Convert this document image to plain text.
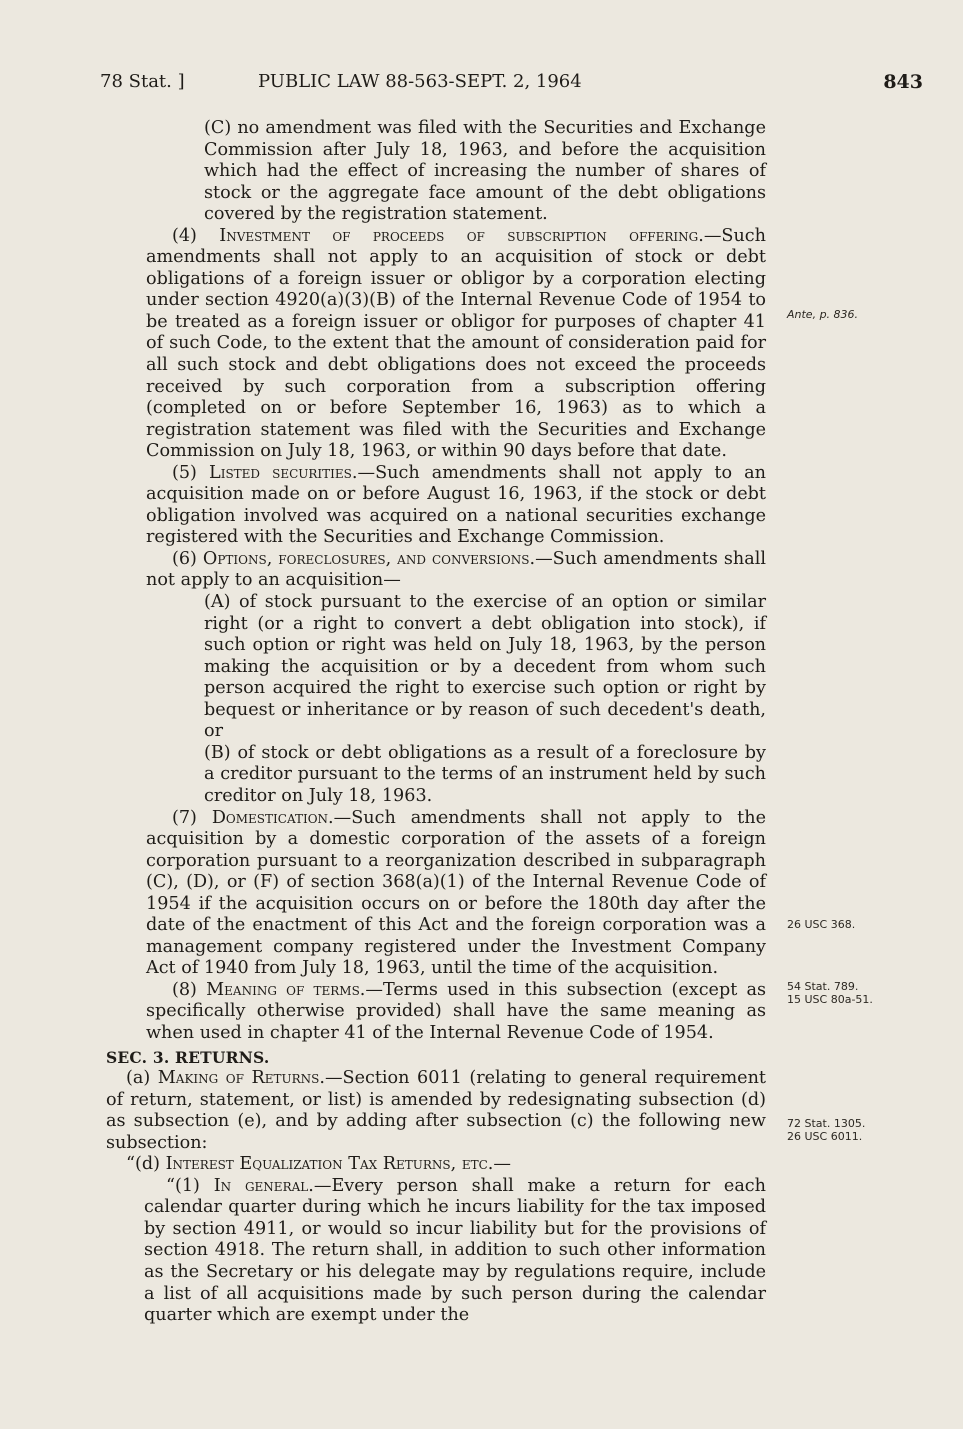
78 Stat. ]	PUBLIC LAW 88-563-SEPT. 2, 1964	843

(C) no amendment was filed with the Securities and Exchange Commission after July 18, 1963, and before the acquisition which had the effect of increasing the number of shares of stock or the aggregate face amount of the debt obligations covered by the registration statement.

(4) Investment of proceeds of subscription offering.—Such amendments shall not apply to an acquisition of stock or debt obligations of a foreign issuer or obligor by a corporation electing under section 4920(a)(3)(B) of the Internal Revenue Code of 1954 to be treated as a foreign issuer or obligor for purposes of chapter 41 of such Code, to the extent that the amount of consideration paid for all such stock and debt obligations does not exceed the proceeds received by such corporation from a subscription offering (completed on or before September 16, 1963) as to which a registration statement was filed with the Securities and Exchange Commission on July 18, 1963, or within 90 days before that date.

(5) Listed securities.—Such amendments shall not apply to an acquisition made on or before August 16, 1963, if the stock or debt obligation involved was acquired on a national securities exchange registered with the Securities and Exchange Commission.

(6) Options, foreclosures, and conversions.—Such amendments shall not apply to an acquisition—

(A) of stock pursuant to the exercise of an option or similar right (or a right to convert a debt obligation into stock), if such option or right was held on July 18, 1963, by the person making the acquisition or by a decedent from whom such person acquired the right to exercise such option or right by bequest or inheritance or by reason of such decedent's death, or

(B) of stock or debt obligations as a result of a foreclosure by a creditor pursuant to the terms of an instrument held by such creditor on July 18, 1963.

(7) Domestication.—Such amendments shall not apply to the acquisition by a domestic corporation of the assets of a foreign corporation pursuant to a reorganization described in subparagraph (C), (D), or (F) of section 368(a)(1) of the Internal Revenue Code of 1954 if the acquisition occurs on or before the 180th day after the date of the enactment of this Act and the foreign corporation was a management company registered under the Investment Company Act of 1940 from July 18, 1963, until the time of the acquisition.

(8) Meaning of terms.—Terms used in this subsection (except as specifically otherwise provided) shall have the same meaning as when used in chapter 41 of the Internal Revenue Code of 1954.

SEC. 3. RETURNS.

(a) Making of Returns.—Section 6011 (relating to general requirement of return, statement, or list) is amended by redesignating subsection (d) as subsection (e), and by adding after subsection (c) the following new subsection:

“(d) Interest Equalization Tax Returns, etc.—

“(1) In general.—Every person shall make a return for each calendar quarter during which he incurs liability for the tax imposed by section 4911, or would so incur liability but for the provisions of section 4918. The return shall, in addition to such other information as the Secretary or his delegate may by regulations require, include a list of all acquisitions made by such person during the calendar quarter which are exempt under the

Ante, p. 836.
26 USC 368.
54 Stat. 789.
15 USC 80a-51.
72 Stat. 1305.
26 USC 6011.
